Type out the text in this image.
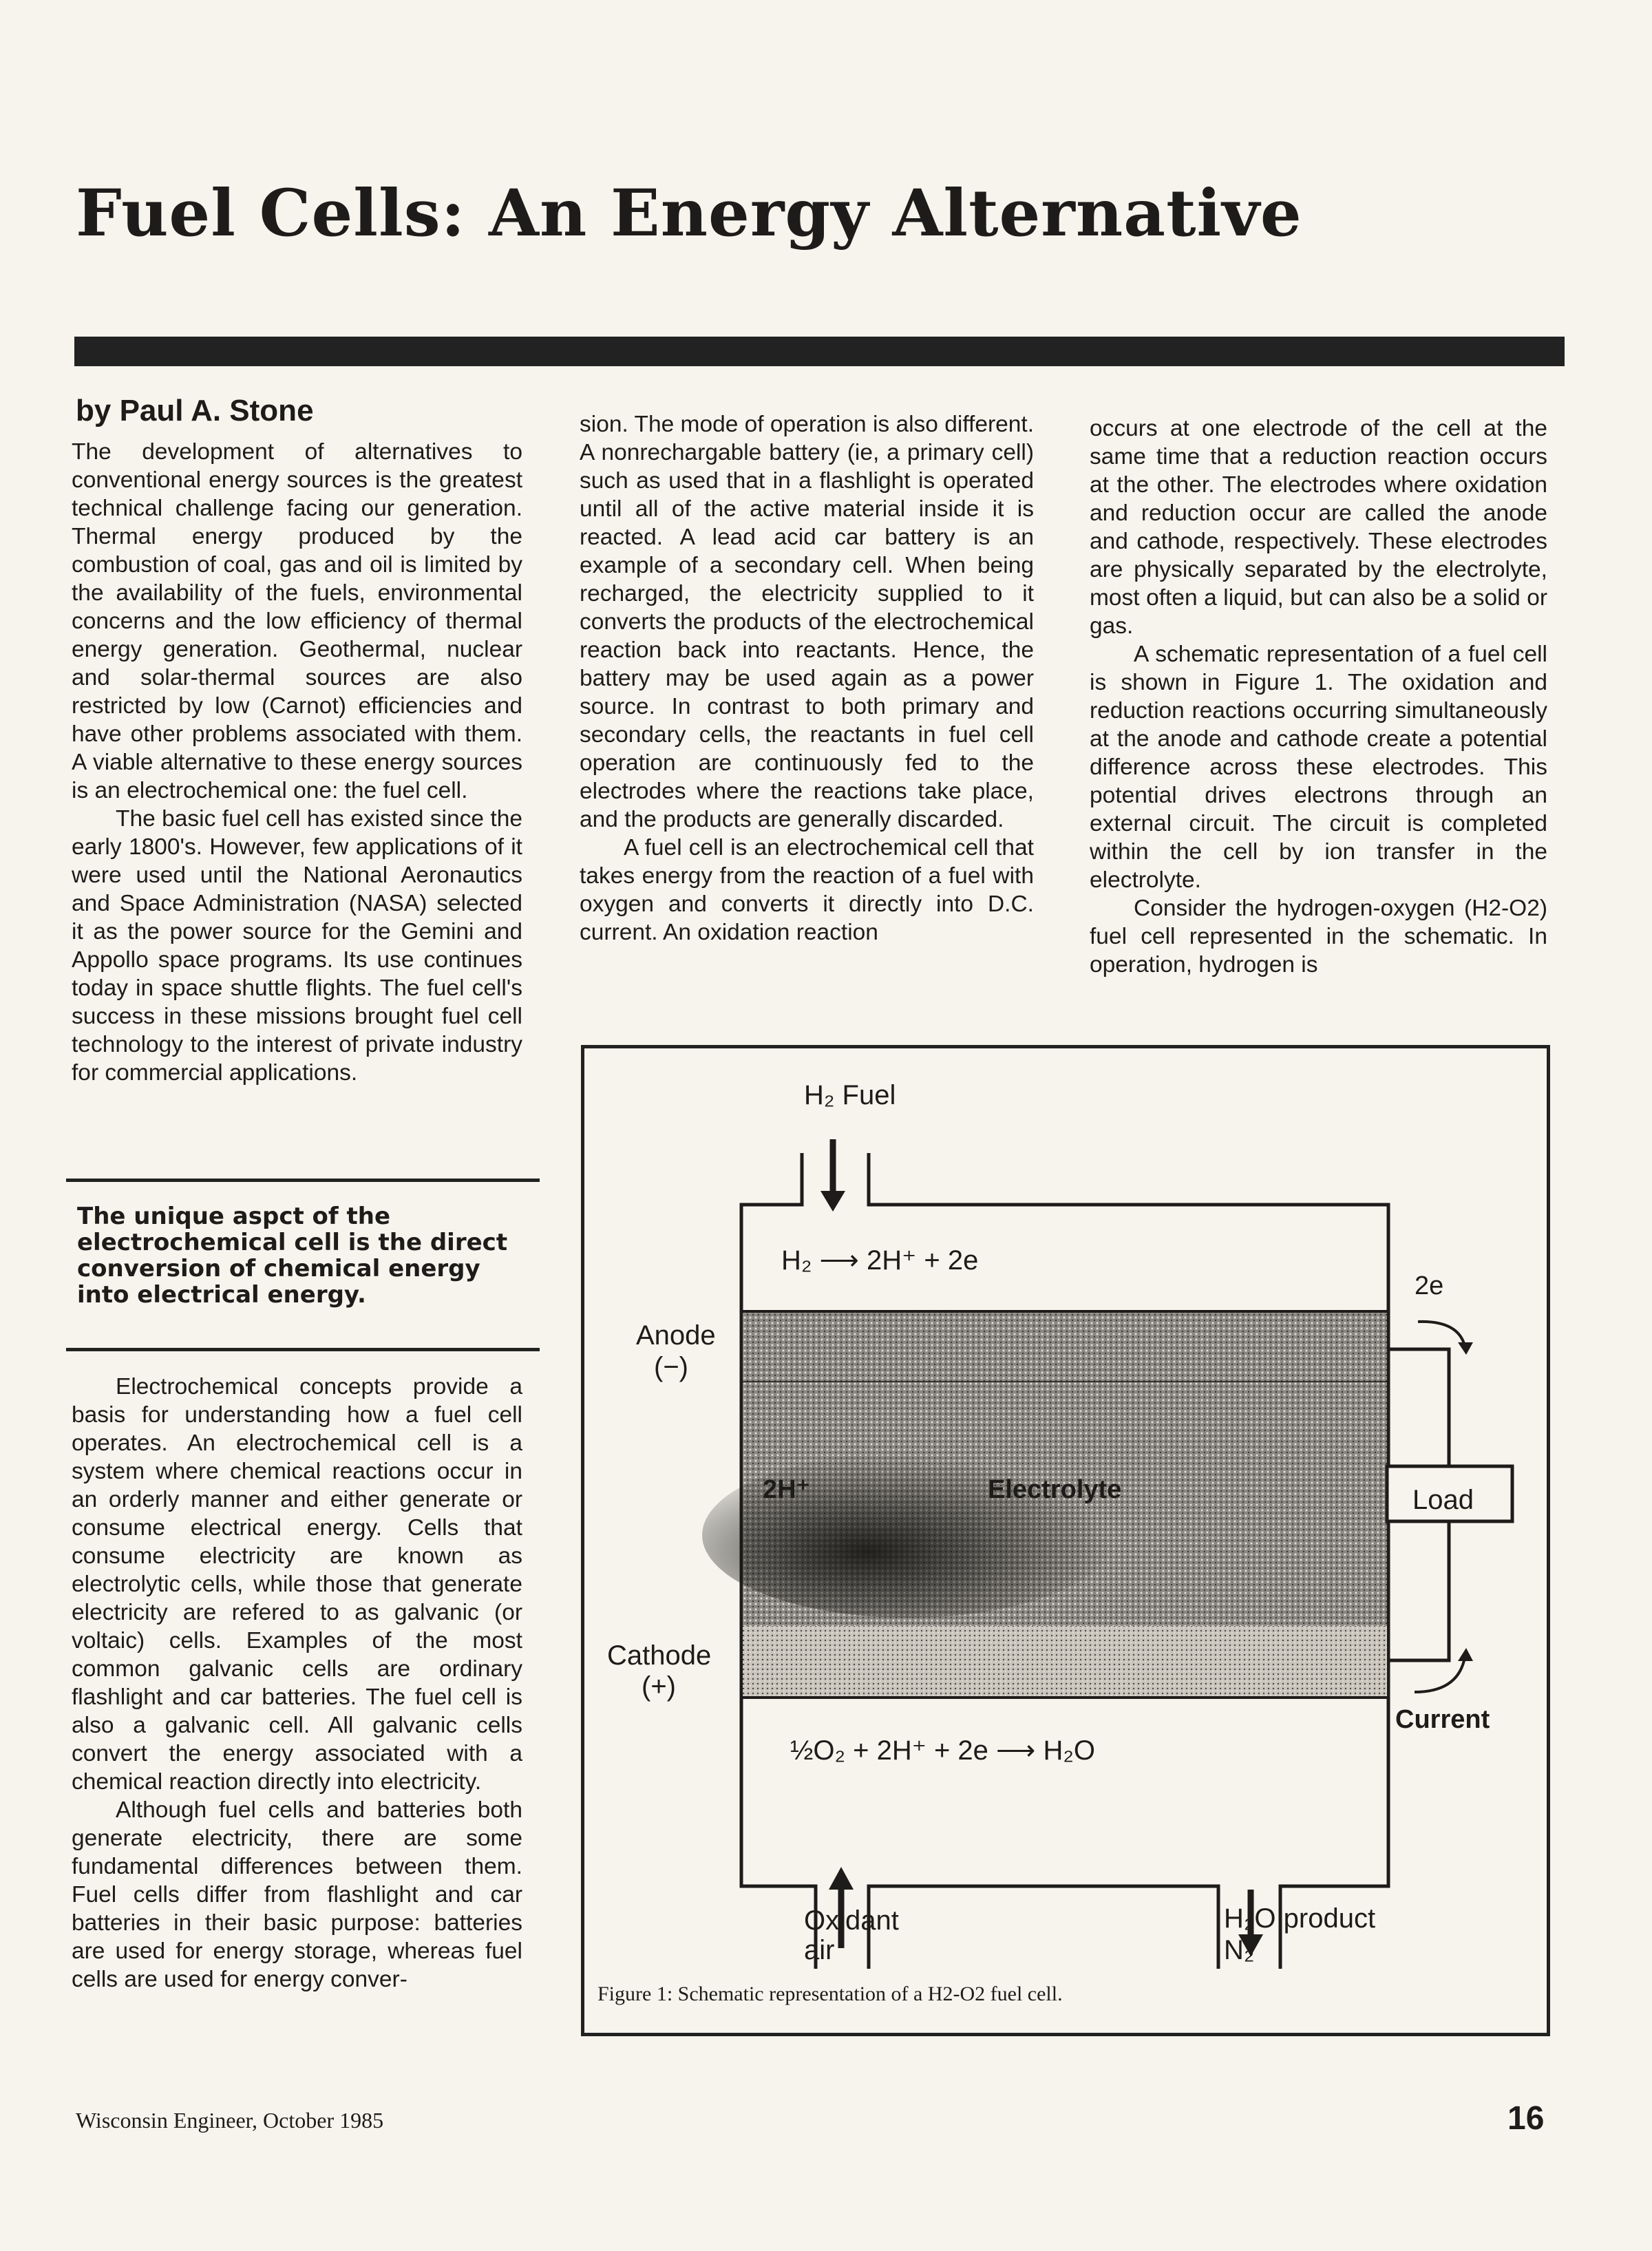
Fuel Cells: An Energy Alternative
by Paul A. Stone

The development of alternatives to conventional energy sources is the greatest technical challenge facing our generation. Thermal energy produced by the combustion of coal, gas and oil is limited by the availability of the fuels, environmental concerns and the low efficiency of thermal energy generation. Geothermal, nuclear and solar-thermal sources are also restricted by low (Carnot) efficiencies and have other problems associated with them. A viable alternative to these energy sources is an electrochemical one: the fuel cell.

The basic fuel cell has existed since the early 1800's. However, few applications of it were used until the National Aeronautics and Space Administration (NASA) selected it as the power source for the Gemini and Appollo space programs. Its use continues today in space shuttle flights. The fuel cell's success in these missions brought fuel cell technology to the interest of private industry for commercial applications.

The unique aspct of the electrochemical cell is the direct conversion of chemical energy into electrical energy.

Electrochemical concepts provide a basis for understanding how a fuel cell operates. An electrochemical cell is a system where chemical reactions occur in an orderly manner and either generate or consume electrical energy. Cells that consume electricity are known as electrolytic cells, while those that generate electricity are refered to as galvanic (or voltaic) cells. Examples of the most common galvanic cells are ordinary flashlight and car batteries. The fuel cell is also a galvanic cell. All galvanic cells convert the energy associated with a chemical reaction directly into electricity.

Although fuel cells and batteries both generate electricity, there are some fundamental differences between them. Fuel cells differ from flashlight and car batteries in their basic purpose: batteries are used for energy storage, whereas fuel cells are used for energy conver-

sion. The mode of operation is also different. A nonrechargable battery (ie, a primary cell) such as used that in a flashlight is operated until all of the active material inside it is reacted. A lead acid car battery is an example of a secondary cell. When being recharged, the electricity supplied to it converts the products of the electrochemical reaction back into reactants. Hence, the battery may be used again as a power source. In contrast to both primary and secondary cells, the reactants in fuel cell operation are continuously fed to the electrodes where the reactions take place, and the products are generally discarded.

A fuel cell is an electrochemical cell that takes energy from the reaction of a fuel with oxygen and converts it directly into D.C. current. An oxidation reaction

occurs at one electrode of the cell at the same time that a reduction reaction occurs at the other. The electrodes where oxidation and reduction occur are called the anode and cathode, respectively. These electrodes are physically separated by the electrolyte, most often a liquid, but can also be a solid or gas.

A schematic representation of a fuel cell is shown in Figure 1. The oxidation and reduction reactions occurring simultaneously at the anode and cathode create a potential difference across these electrodes. This potential drives electrons through an external circuit. The circuit is completed within the cell by ion transfer in the electrolyte.

Consider the hydrogen-oxygen (H2-O2) fuel cell represented in the schematic. In operation, hydrogen is

H₂ Fuel
H₂ ⟶ 2H⁺ + 2e
Anode
(−)
2H⁺	Electrolyte
2e
Load
Current
Cathode
(+)
½O₂ + 2H⁺ + 2e ⟶ H₂O
Oxidant
air
H₂O product
N₂
Figure 1: Schematic representation of a H2-O2 fuel cell.
Wisconsin Engineer, October 1985	16
